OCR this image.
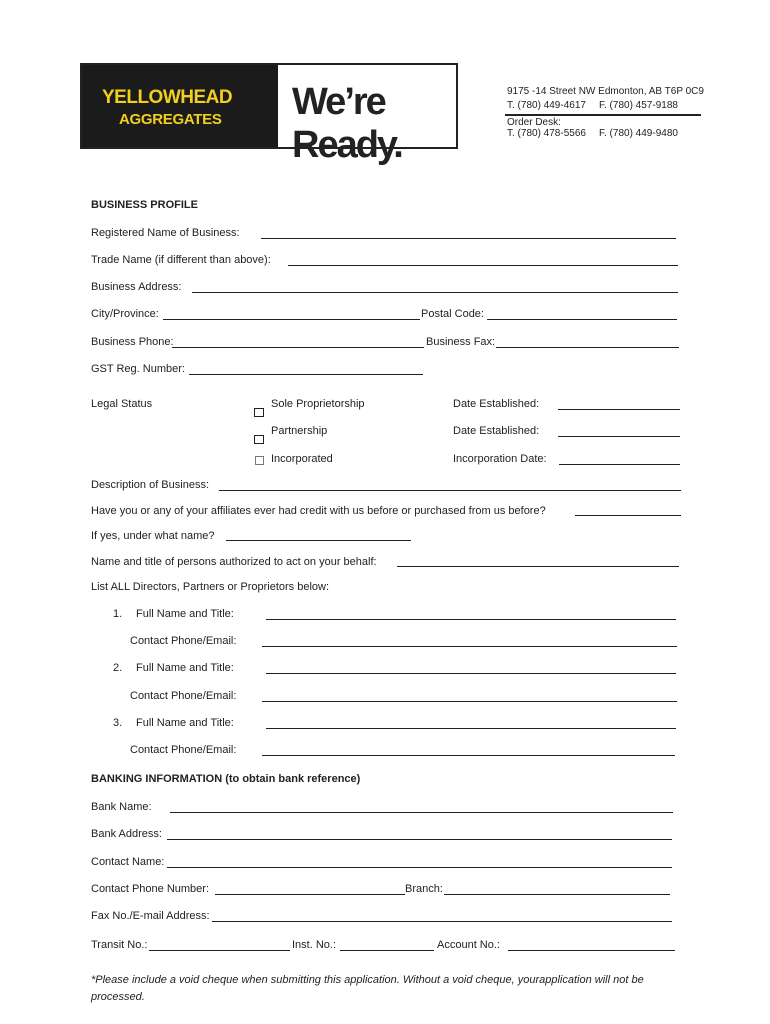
YELLOWHEAD
AGGREGATES We’re Ready.
9175 -14 Street NW Edmonton, AB T6P 0C9
T. (780) 449-4617 F. (780) 457-9188
Order Desk:
T. (780) 478-5566 F. (780) 449-9480
BUSINESS PROFILE
Registered Name of Business:
Trade Name (if different than above):
Business Address:
City/Province:	Postal Code:
Business Phone:	Business Fax:
GST Reg. Number:
Legal Status	Sole Proprietorship	Date Established:
Partnership	Date Established:
Incorporated	Incorporation Date:
Description of Business:
Have you or any of your affiliates ever had credit with us before or purchased from us before?
If yes, under what name?
Name and title of persons authorized to act on your behalf:
List ALL Directors, Partners or Proprietors below:
1. Full Name and Title:
Contact Phone/Email:
2. Full Name and Title:
Contact Phone/Email:
3. Full Name and Title:
Contact Phone/Email:
BANKING INFORMATION (to obtain bank reference)
Bank Name:
Bank Address:
Contact Name:
Contact Phone Number:	Branch:
Fax No./E-mail Address:
Transit No.:	Inst. No.:	Account No.:
*Please include a void cheque when submitting this application. Without a void cheque, yourapplication will not be
processed.
